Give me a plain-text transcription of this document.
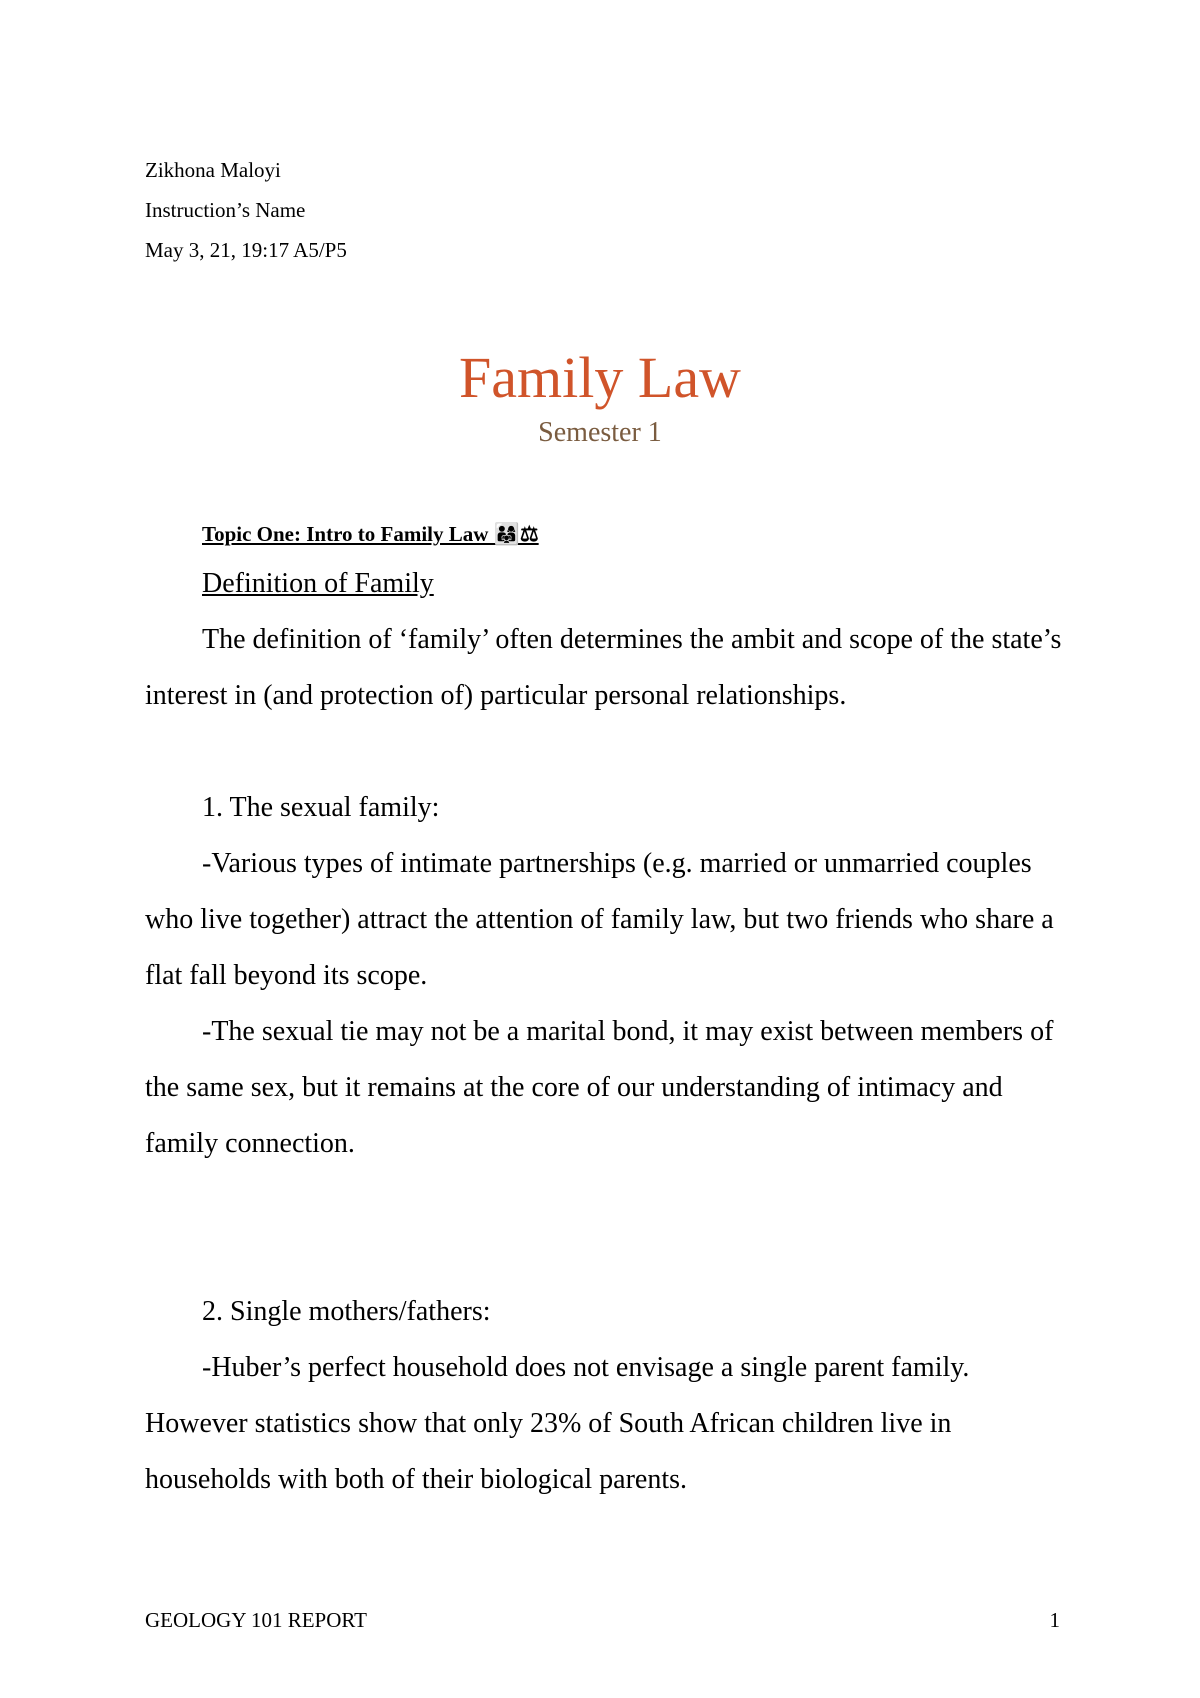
Zikhona Maloyi
Instruction’s Name
May 3, 21, 19:17 A5/P5
Family Law
Semester 1
Topic One: Intro to Family Law 👨‍👩‍👧⚖
Definition of Family

The definition of ‘family’ often determines the ambit and scope of the state’s interest in (and protection of) particular personal relationships.

1. The sexual family:

-Various types of intimate partnerships (e.g. married or unmarried couples who live together) attract the attention of family law, but two friends who share a flat fall beyond its scope.

-The sexual tie may not be a marital bond, it may exist between members of the same sex, but it remains at the core of our understanding of intimacy and family connection.

2. Single mothers/fathers:

-Huber’s perfect household does not envisage a single parent family. However statistics show that only 23% of South African children live in households with both of their biological parents.

GEOLOGY 101 REPORT	1
